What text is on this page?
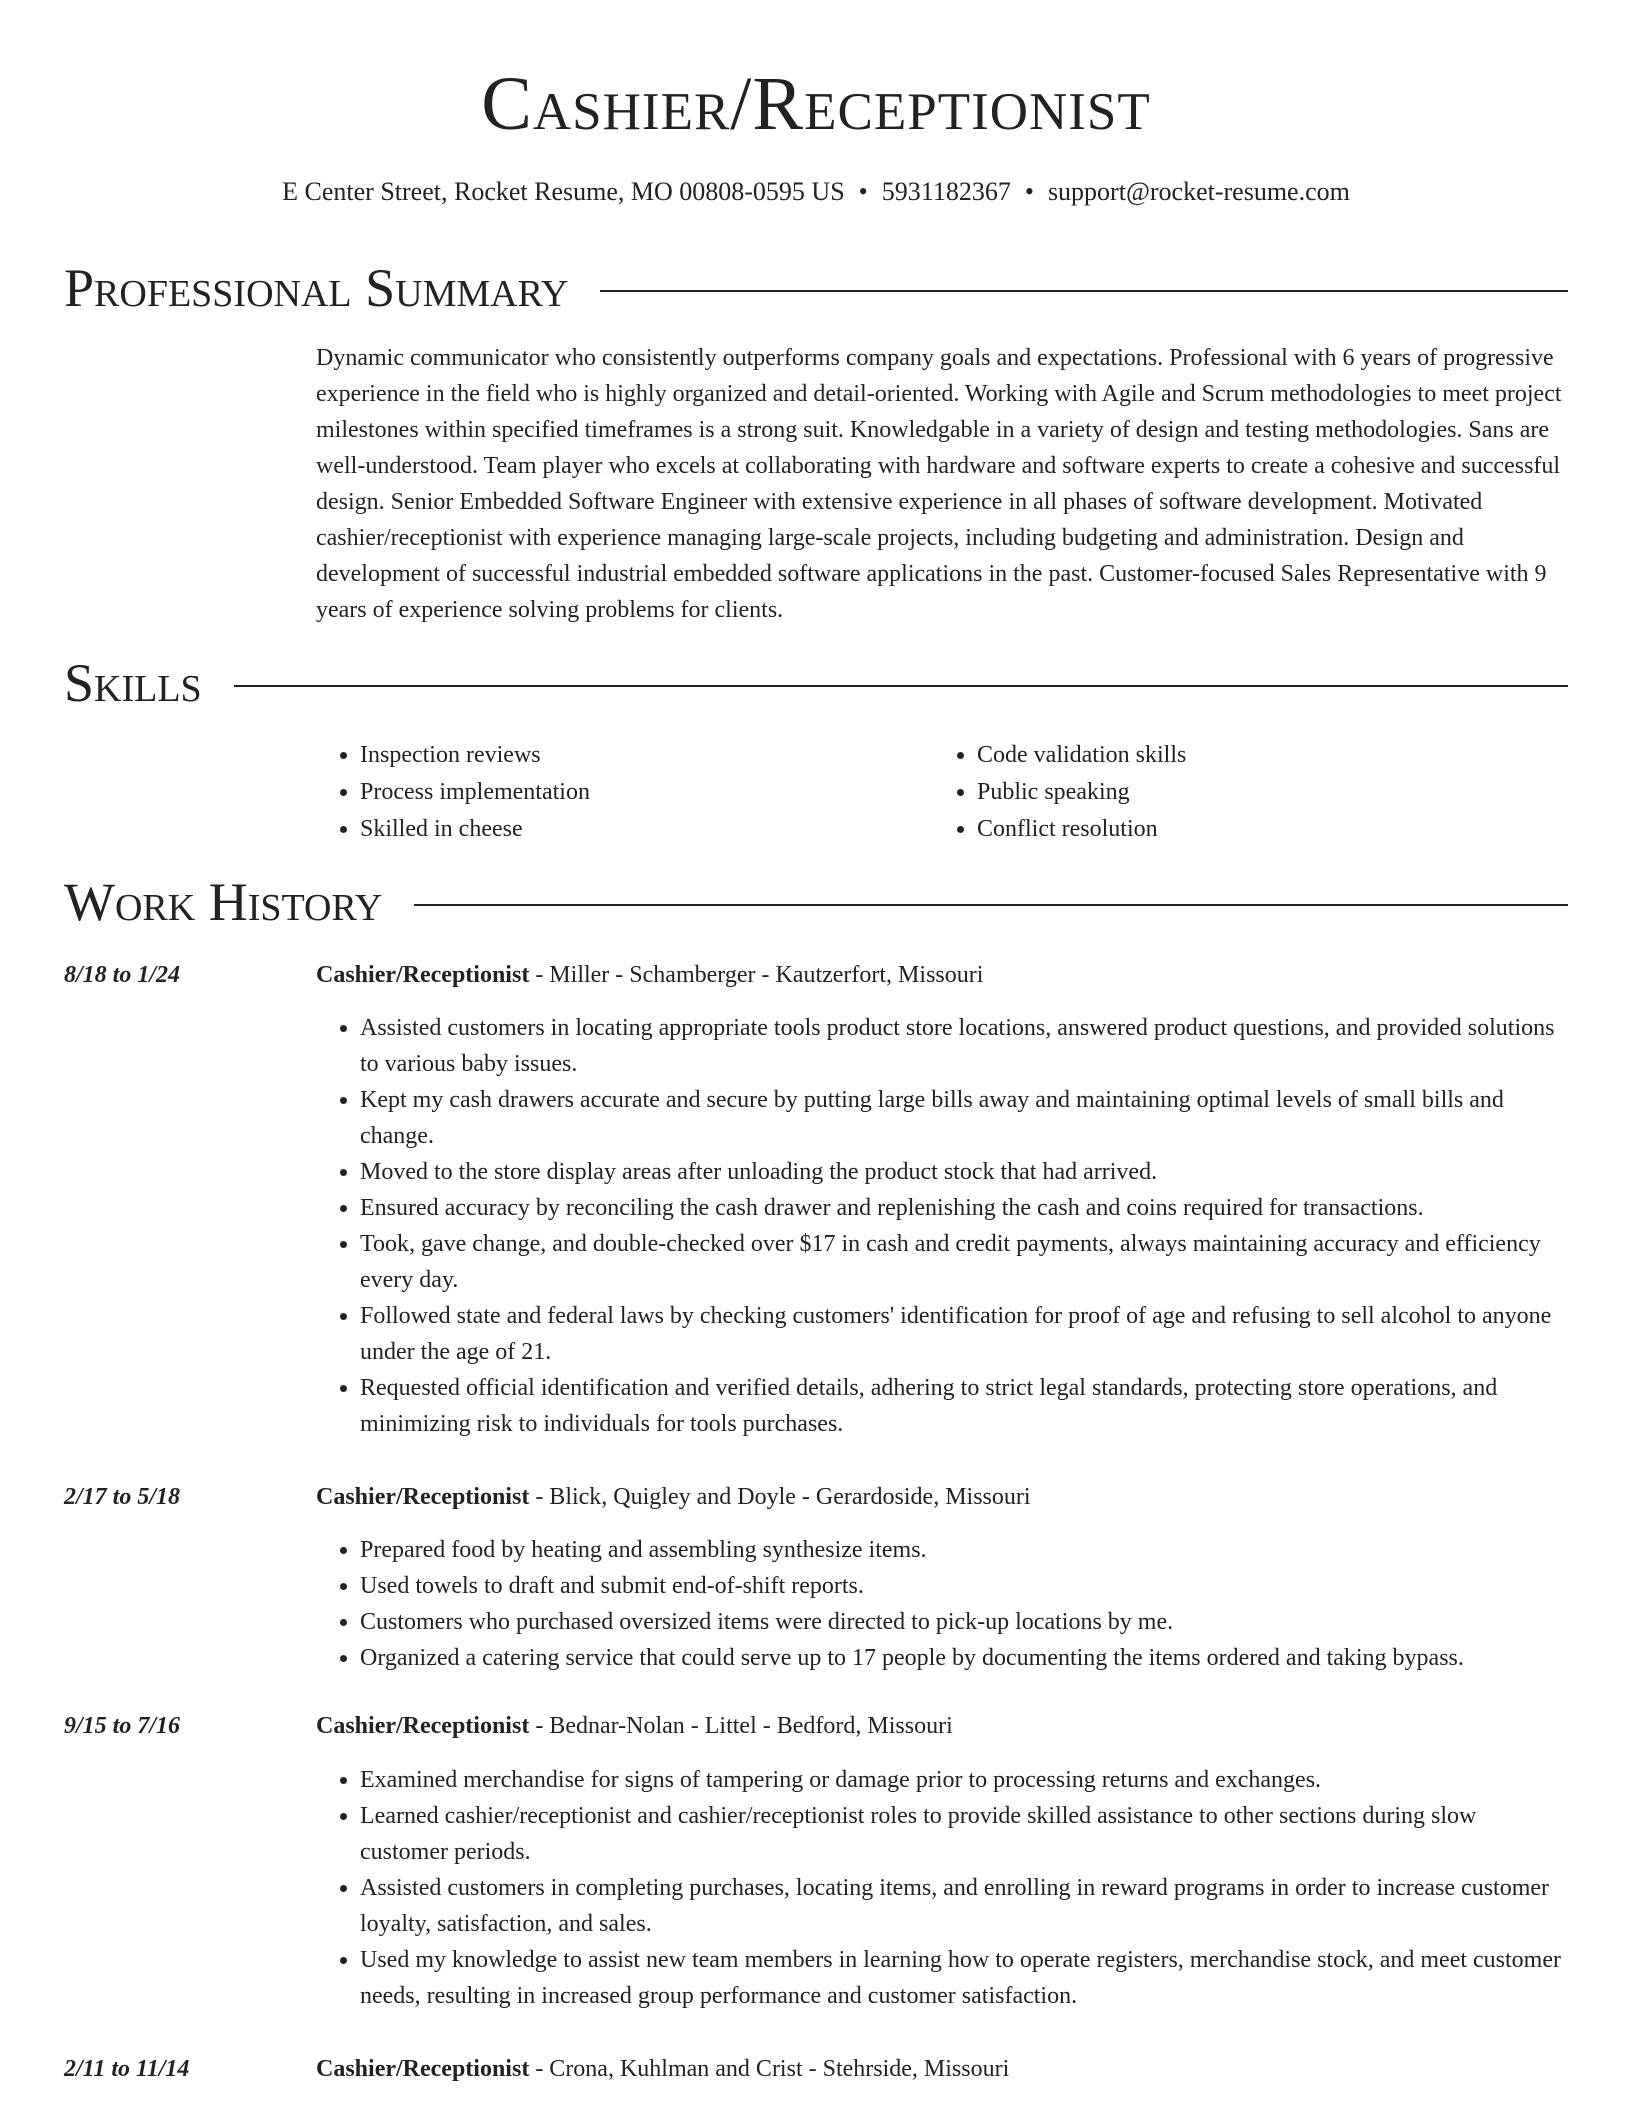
Cashier/Receptionist
E Center Street, Rocket Resume, MO 00808-0595 US • 5931182367 • support@rocket-resume.com
Professional Summary
Dynamic communicator who consistently outperforms company goals and expectations. Professional with 6 years of progressive experience in the field who is highly organized and detail-oriented. Working with Agile and Scrum methodologies to meet project milestones within specified timeframes is a strong suit. Knowledgable in a variety of design and testing methodologies. Sans are well-understood. Team player who excels at collaborating with hardware and software experts to create a cohesive and successful design. Senior Embedded Software Engineer with extensive experience in all phases of software development. Motivated cashier/receptionist with experience managing large-scale projects, including budgeting and administration. Design and development of successful industrial embedded software applications in the past. Customer-focused Sales Representative with 9 years of experience solving problems for clients.
Skills
• Inspection reviews
• Process implementation
• Skilled in cheese
• Code validation skills
• Public speaking
• Conflict resolution
Work History
8/18 to 1/24	Cashier/Receptionist - Miller - Schamberger - Kautzerfort, Missouri
• Assisted customers in locating appropriate tools product store locations, answered product questions, and provided solutions to various baby issues.
• Kept my cash drawers accurate and secure by putting large bills away and maintaining optimal levels of small bills and change.
• Moved to the store display areas after unloading the product stock that had arrived.
• Ensured accuracy by reconciling the cash drawer and replenishing the cash and coins required for transactions.
• Took, gave change, and double-checked over $17 in cash and credit payments, always maintaining accuracy and efficiency every day.
• Followed state and federal laws by checking customers' identification for proof of age and refusing to sell alcohol to anyone under the age of 21.
• Requested official identification and verified details, adhering to strict legal standards, protecting store operations, and minimizing risk to individuals for tools purchases.
2/17 to 5/18	Cashier/Receptionist - Blick, Quigley and Doyle - Gerardoside, Missouri
• Prepared food by heating and assembling synthesize items.
• Used towels to draft and submit end-of-shift reports.
• Customers who purchased oversized items were directed to pick-up locations by me.
• Organized a catering service that could serve up to 17 people by documenting the items ordered and taking bypass.
9/15 to 7/16	Cashier/Receptionist - Bednar-Nolan - Littel - Bedford, Missouri
• Examined merchandise for signs of tampering or damage prior to processing returns and exchanges.
• Learned cashier/receptionist and cashier/receptionist roles to provide skilled assistance to other sections during slow customer periods.
• Assisted customers in completing purchases, locating items, and enrolling in reward programs in order to increase customer loyalty, satisfaction, and sales.
• Used my knowledge to assist new team members in learning how to operate registers, merchandise stock, and meet customer needs, resulting in increased group performance and customer satisfaction.
2/11 to 11/14	Cashier/Receptionist - Crona, Kuhlman and Crist - Stehrside, Missouri
